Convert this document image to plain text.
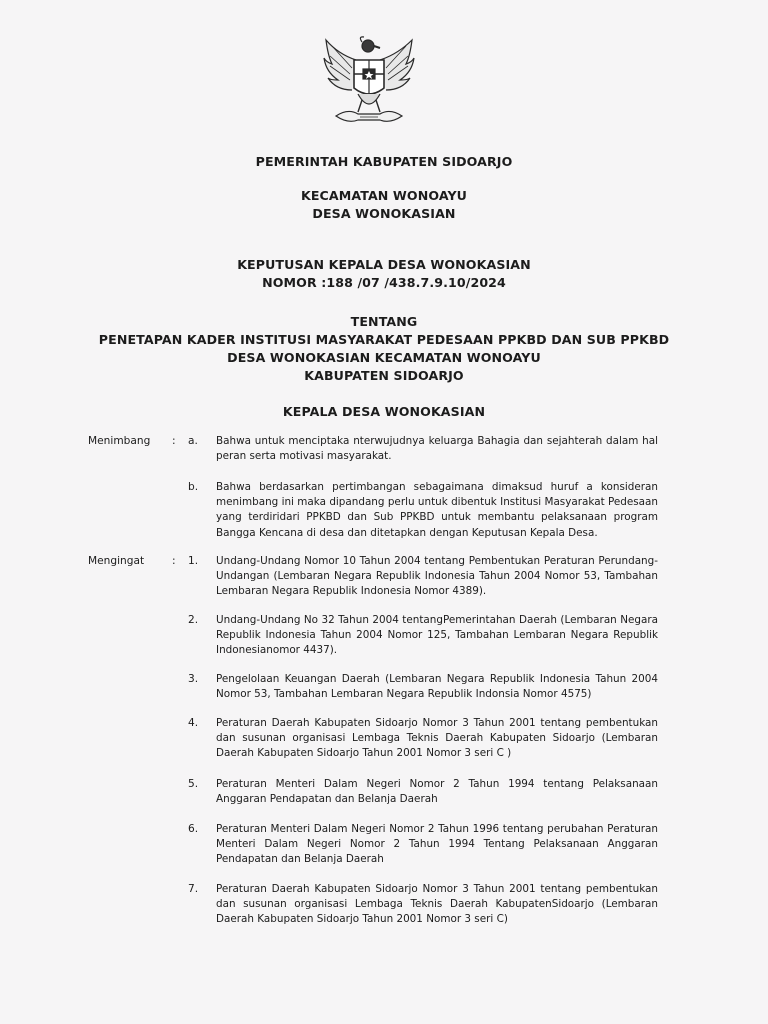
PEMERINTAH KABUPATEN SIDOARJO
KECAMATAN WONOAYU
DESA WONOKASIAN
KEPUTUSAN KEPALA DESA WONOKASIAN
NOMOR :188 /07 /438.7.9.10/2024
TENTANG
PENETAPAN KADER INSTITUSI MASYARAKAT PEDESAAN PPKBD DAN SUB PPKBD
DESA WONOKASIAN KECAMATAN WONOAYU
KABUPATEN SIDOARJO
KEPALA DESA WONOKASIAN
Menimbang : a. Bahwa untuk menciptaka nterwujudnya keluarga Bahagia dan sejahterah dalam hal peran serta motivasi masyarakat.
b. Bahwa berdasarkan pertimbangan sebagaimana dimaksud huruf a konsideran menimbang ini maka dipandang perlu untuk dibentuk Institusi Masyarakat Pedesaan yang terdiridari PPKBD dan Sub PPKBD untuk membantu pelaksanaan program Bangga Kencana di desa dan ditetapkan dengan Keputusan Kepala Desa.
Mengingat	: 1. Undang-Undang Nomor 10 Tahun 2004 tentang Pembentukan Peraturan Perundang-Undangan (Lembaran Negara Republik Indonesia Tahun 2004 Nomor 53, Tambahan Lembaran Negara Republik Indonesia Nomor 4389).
2. Undang-Undang No 32 Tahun 2004 tentangPemerintahan Daerah (Lembaran Negara Republik Indonesia Tahun 2004 Nomor 125, Tambahan Lembaran Negara Republik Indonesianomor 4437).
3. Pengelolaan Keuangan Daerah (Lembaran Negara Republik Indonesia Tahun 2004 Nomor 53, Tambahan Lembaran Negara Republik Indonsia Nomor 4575)
4. Peraturan Daerah Kabupaten Sidoarjo Nomor 3 Tahun 2001 tentang pembentukan dan susunan organisasi Lembaga Teknis Daerah Kabupaten Sidoarjo (Lembaran Daerah Kabupaten Sidoarjo Tahun 2001 Nomor 3 seri C )
5. Peraturan Menteri Dalam Negeri Nomor 2 Tahun 1994 tentang Pelaksanaan Anggaran Pendapatan dan Belanja Daerah
6. Peraturan Menteri Dalam Negeri Nomor 2 Tahun 1996 tentang perubahan Peraturan Menteri Dalam Negeri Nomor 2 Tahun 1994 Tentang Pelaksanaan Anggaran Pendapatan dan Belanja Daerah
7. Peraturan Daerah Kabupaten Sidoarjo Nomor 3 Tahun 2001 tentang pembentukan dan susunan organisasi Lembaga Teknis Daerah KabupatenSidoarjo (Lembaran Daerah Kabupaten Sidoarjo Tahun 2001 Nomor 3 seri C)
